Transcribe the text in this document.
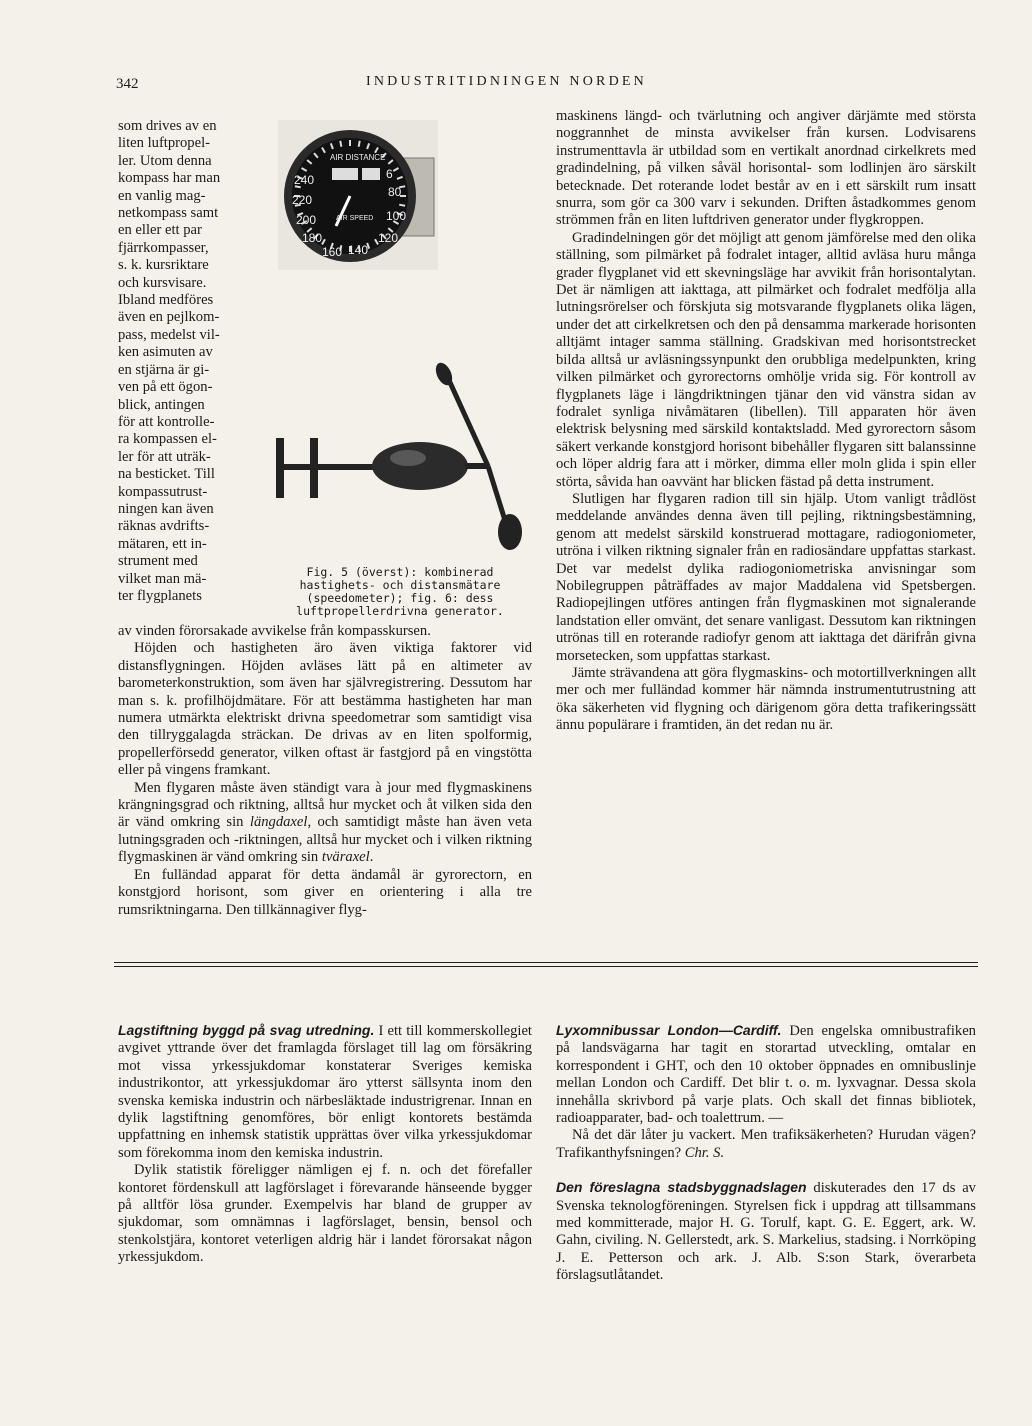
342	INDUSTRITIDNINGEN NORDEN
som drives av en
liten luftpropel-
ler. Utom denna
kompass har man
en vanlig mag-
netkompass samt
en eller ett par
fjärrkompasser,
s. k. kursriktare
och kursvisare.
Ibland medföres
även en pejlkom-
pass, medelst vil-
ken asimuten av
en stjärna är gi-
ven på ett ögon-
blick, antingen
för att kontrolle-
ra kompassen el-
ler för att uträk-
na besticket. Till
kompassutrust-
ningen kan även
räknas avdrifts-
mätaren, ett in-
strument med
vilket man mä-
ter flygplanets
AIR DISTANCE
AIR SPEED
240
220
200
180
160 140
120
100
80
6
Fig. 5 (överst): kombinerad hastighets- och distansmätare (speedometer); fig. 6: dess luftpropellerdrivna generator.

av vinden förorsakade avvikelse från kompasskursen.

Höjden och hastigheten äro även viktiga faktorer vid distansflygningen. Höjden avläses lätt på en altimeter av barometerkonstruktion, som även har självregistrering. Dessutom har man s. k. profilhöjdmätare. För att bestämma hastigheten har man numera utmärkta elektriskt drivna speedometrar som samtidigt visa den tillryggalagda sträckan. De drivas av en liten spolformig, propellerförsedd generator, vilken oftast är fastgjord på en vingstötta eller på vingens framkant.

Men flygaren måste även ständigt vara à jour med flygmaskinens krängningsgrad och riktning, alltså hur mycket och åt vilken sida den är vänd omkring sin längdaxel, och samtidigt måste han även veta lutningsgraden och -riktningen, alltså hur mycket och i vilken riktning flygmaskinen är vänd omkring sin tväraxel.

En fulländad apparat för detta ändamål är gyrorectorn, en konstgjord horisont, som giver en orientering i alla tre rumsriktningarna. Den tillkännagiver flyg-

maskinens längd- och tvärlutning och angiver därjämte med största noggrannhet de minsta avvikelser från kursen. Lodvisarens instrumenttavla är utbildad som en vertikalt anordnad cirkelkrets med gradindelning, på vilken såväl horisontal- som lodlinjen äro särskilt betecknade. Det roterande lodet består av en i ett särskilt rum insatt snurra, som gör ca 300 varv i sekunden. Driften åstadkommes genom strömmen från en liten luftdriven generator under flygkroppen.

Gradindelningen gör det möjligt att genom jämförelse med den olika ställning, som pilmärket på fodralet intager, alltid avläsa huru många grader flygplanet vid ett skevningsläge har avvikit från horisontalytan. Det är nämligen att iakttaga, att pilmärket och fodralet medfölja alla lutningsrörelser och förskjuta sig motsvarande flygplanets olika lägen, under det att cirkelkretsen och den på densamma markerade horisonten alltjämt intager samma ställning. Gradskivan med horisontstrecket bilda alltså ur avläsningssynpunkt den orubbliga medelpunkten, kring vilken pilmärket och gyrorectorns omhölje vrida sig. För kontroll av flygplanets läge i längdriktningen tjänar den vid vänstra sidan av fodralet synliga nivåmätaren (libellen). Till apparaten hör även elektrisk belysning med särskild kontaktsladd. Med gyrorectorn såsom säkert verkande konstgjord horisont bibehåller flygaren sitt balanssinne och löper aldrig fara att i mörker, dimma eller moln glida i spin eller störta, såvida han oavvänt har blicken fästad på detta instrument.

Slutligen har flygaren radion till sin hjälp. Utom vanligt trådlöst meddelande användes denna även till pejling, riktningsbestämning, genom att medelst särskild konstruerad mottagare, radiogoniometer, utröna i vilken riktning signaler från en radiosändare uppfattas starkast. Det var medelst dylika radiogoniometriska anvisningar som Nobilegruppen påträffades av major Maddalena vid Spetsbergen. Radiopejlingen utföres antingen från flygmaskinen mot signalerande landstation eller omvänt, det senare vanligast. Dessutom kan riktningen utrönas till en roterande radiofyr genom att iakttaga det därifrån givna morsetecken, som uppfattas starkast.

Jämte strävandena att göra flygmaskins- och motortillverkningen allt mer och mer fulländad kommer här nämnda instrumentutrustning att öka säkerheten vid flygning och därigenom göra detta trafikeringssätt ännu populärare i framtiden, än det redan nu är.

Lagstiftning byggd på svag utredning. I ett till kommerskollegiet avgivet yttrande över det framlagda förslaget till lag om försäkring mot vissa yrkessjukdomar konstaterar Sveriges kemiska industrikontor, att yrkessjukdomar äro ytterst sällsynta inom den svenska kemiska industrin och närbesläktade industrigrenar. Innan en dylik lagstiftning genomföres, bör enligt kontorets bestämda uppfattning en inhemsk statistik upprättas över vilka yrkessjukdomar som förekomma inom den kemiska industrin.

Dylik statistik föreligger nämligen ej f. n. och det förefaller kontoret fördenskull att lagförslaget i förevarande hänseende bygger på alltför lösa grunder. Exempelvis har bland de grupper av sjukdomar, som omnämnas i lagförslaget, bensin, bensol och stenkolstjära, kontoret veterligen aldrig här i landet förorsakat någon yrkessjukdom.

Lyxomnibussar London—Cardiff. Den engelska omnibustrafiken på landsvägarna har tagit en storartad utveckling, omtalar en korrespondent i GHT, och den 10 oktober öppnades en omnibuslinje mellan London och Cardiff. Det blir t. o. m. lyxvagnar. Dessa skola innehålla skrivbord på varje plats. Och skall det finnas bibliotek, radioapparater, bad- och toalettrum. —

Nå det där låter ju vackert. Men trafiksäkerheten? Hurudan vägen? Trafikanthyfsningen? Chr. S.

Den föreslagna stadsbyggnadslagen diskuterades den 17 ds av Svenska teknologföreningen. Styrelsen fick i uppdrag att tillsammans med kommitterade, major H. G. Torulf, kapt. G. E. Eggert, ark. W. Gahn, civiling. N. Gellerstedt, ark. S. Markelius, stadsing. i Norrköping J. E. Petterson och ark. J. Alb. S:son Stark, överarbeta förslagsutlåtandet.
